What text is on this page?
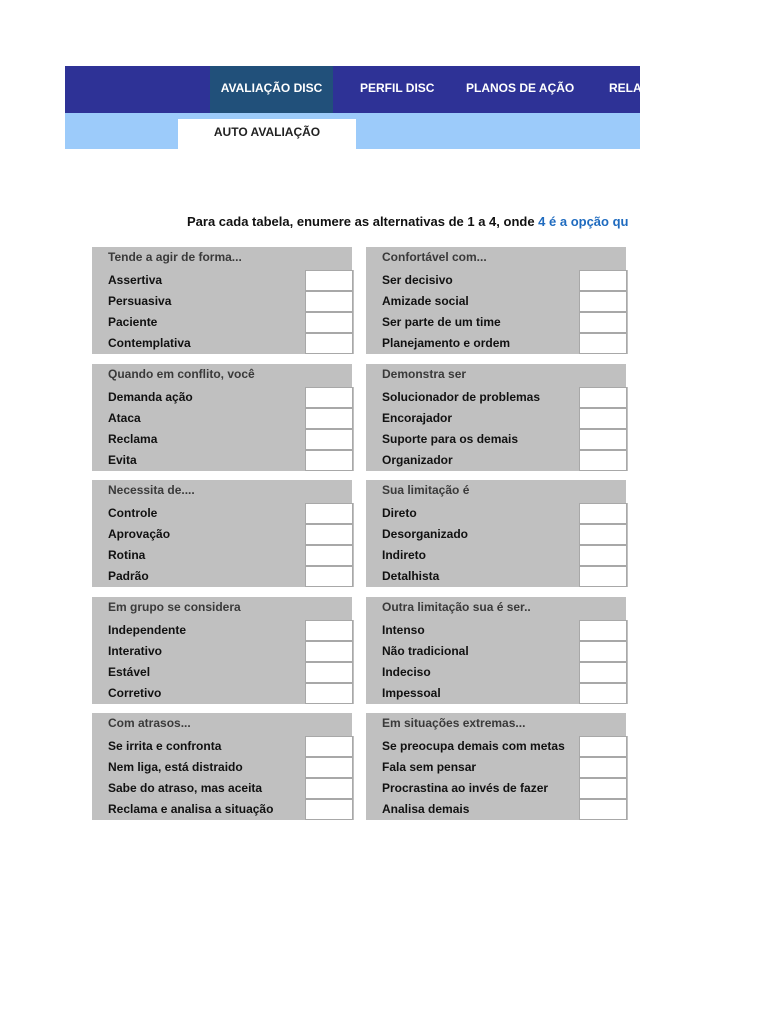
AVALIAÇÃO DISC	PERFIL DISC	PLANOS DE AÇÃO	RELAT
AUTO AVALIAÇÃO
Para cada tabela, enumere as alternativas de 1 a 4, onde 4 é a opção qu
Tende a agir de forma...
Assertiva
Persuasiva
Paciente
Contemplativa
Confortável com...
Ser decisivo
Amizade social
Ser parte de um time
Planejamento e ordem
Quando em conflito, você
Demanda ação
Ataca
Reclama
Evita
Demonstra ser
Solucionador de problemas
Encorajador
Suporte para os demais
Organizador
Necessita de....
Controle
Aprovação
Rotina
Padrão
Sua limitação é
Direto
Desorganizado
Indireto
Detalhista
Em grupo se considera
Independente
Interativo
Estável
Corretivo
Outra limitação sua é ser..
Intenso
Não tradicional
Indeciso
Impessoal
Com atrasos...
Se irrita e confronta
Nem liga, está distraido
Sabe do atraso, mas aceita
Reclama e analisa a situação
Em situações extremas...
Se preocupa demais com metas
Fala sem pensar
Procrastina ao invés de fazer
Analisa demais
